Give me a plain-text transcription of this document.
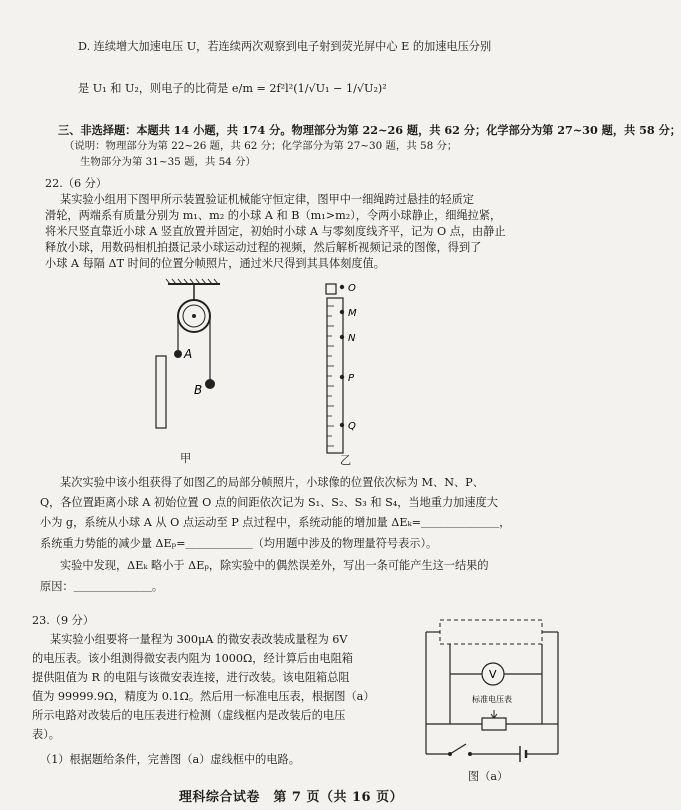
D. 连续增大加速电压 U，若连续两次观察到电子射到荧光屏中心 E 的加速电压分别
是 U₁ 和 U₂，则电子的比荷是 e/m = 2f²l²(1/√U₁ − 1/√U₂)²
三、非选择题：本题共 14 小题，共 174 分。物理部分为第 22~26 题，共 62 分；化学部分为第 27~30 题，共 58 分；
（说明：物理部分为第 22~26 题，共 62 分；化学部分为第 27~30 题，共 58 分；
生物部分为第 31~35 题，共 54 分）
22.（6 分）
某实验小组用下图甲所示装置验证机械能守恒定律，图甲中一细绳跨过悬挂的轻质定
滑轮，两端系有质量分别为 m₁、m₂ 的小球 A 和 B（m₁>m₂），令两小球静止，细绳拉紧，
将米尺竖直靠近小球 A 竖直放置并固定，初始时小球 A 与零刻度线齐平，记为 O 点，由静止
释放小球，用数码相机拍摄记录小球运动过程的视频，然后解析视频记录的图像，得到了
小球 A 每隔 ΔT 时间的位置分帧照片，通过米尺得到其具体刻度值。
A
B
甲
O
M
N
P
Q
乙
某次实验中该小组获得了如图乙的局部分帧照片，小球像的位置依次标为 M、N、P、
Q，各位置距离小球 A 初始位置 O 点的间距依次记为 S₁、S₂、S₃ 和 S₄，当地重力加速度大
小为 g，系统从小球 A 从 O 点运动至 P 点过程中，系统动能的增加量 ΔEₖ=＿＿＿＿＿＿＿，
系统重力势能的减少量 ΔEₚ=＿＿＿＿＿＿（均用题中涉及的物理量符号表示）。
实验中发现，ΔEₖ 略小于 ΔEₚ，除实验中的偶然误差外，写出一条可能产生这一结果的
原因：＿＿＿＿＿＿＿。
23.（9 分）
某实验小组要将一量程为 300μA 的微安表改装成量程为 6V
的电压表。该小组测得微安表内阻为 1000Ω，经计算后由电阻箱
提供阻值为 R 的电阻与该微安表连接，进行改装。该电阻箱总阻
值为 99999.9Ω，精度为 0.1Ω。然后用一标准电压表，根据图（a）
所示电路对改装后的电压表进行检测（虚线框内是改装后的电压
表）。
（1）根据题给条件，完善图（a）虚线框中的电路。
V
标准电压表
图（a）
理科综合试卷　第 7 页（共 16 页）
